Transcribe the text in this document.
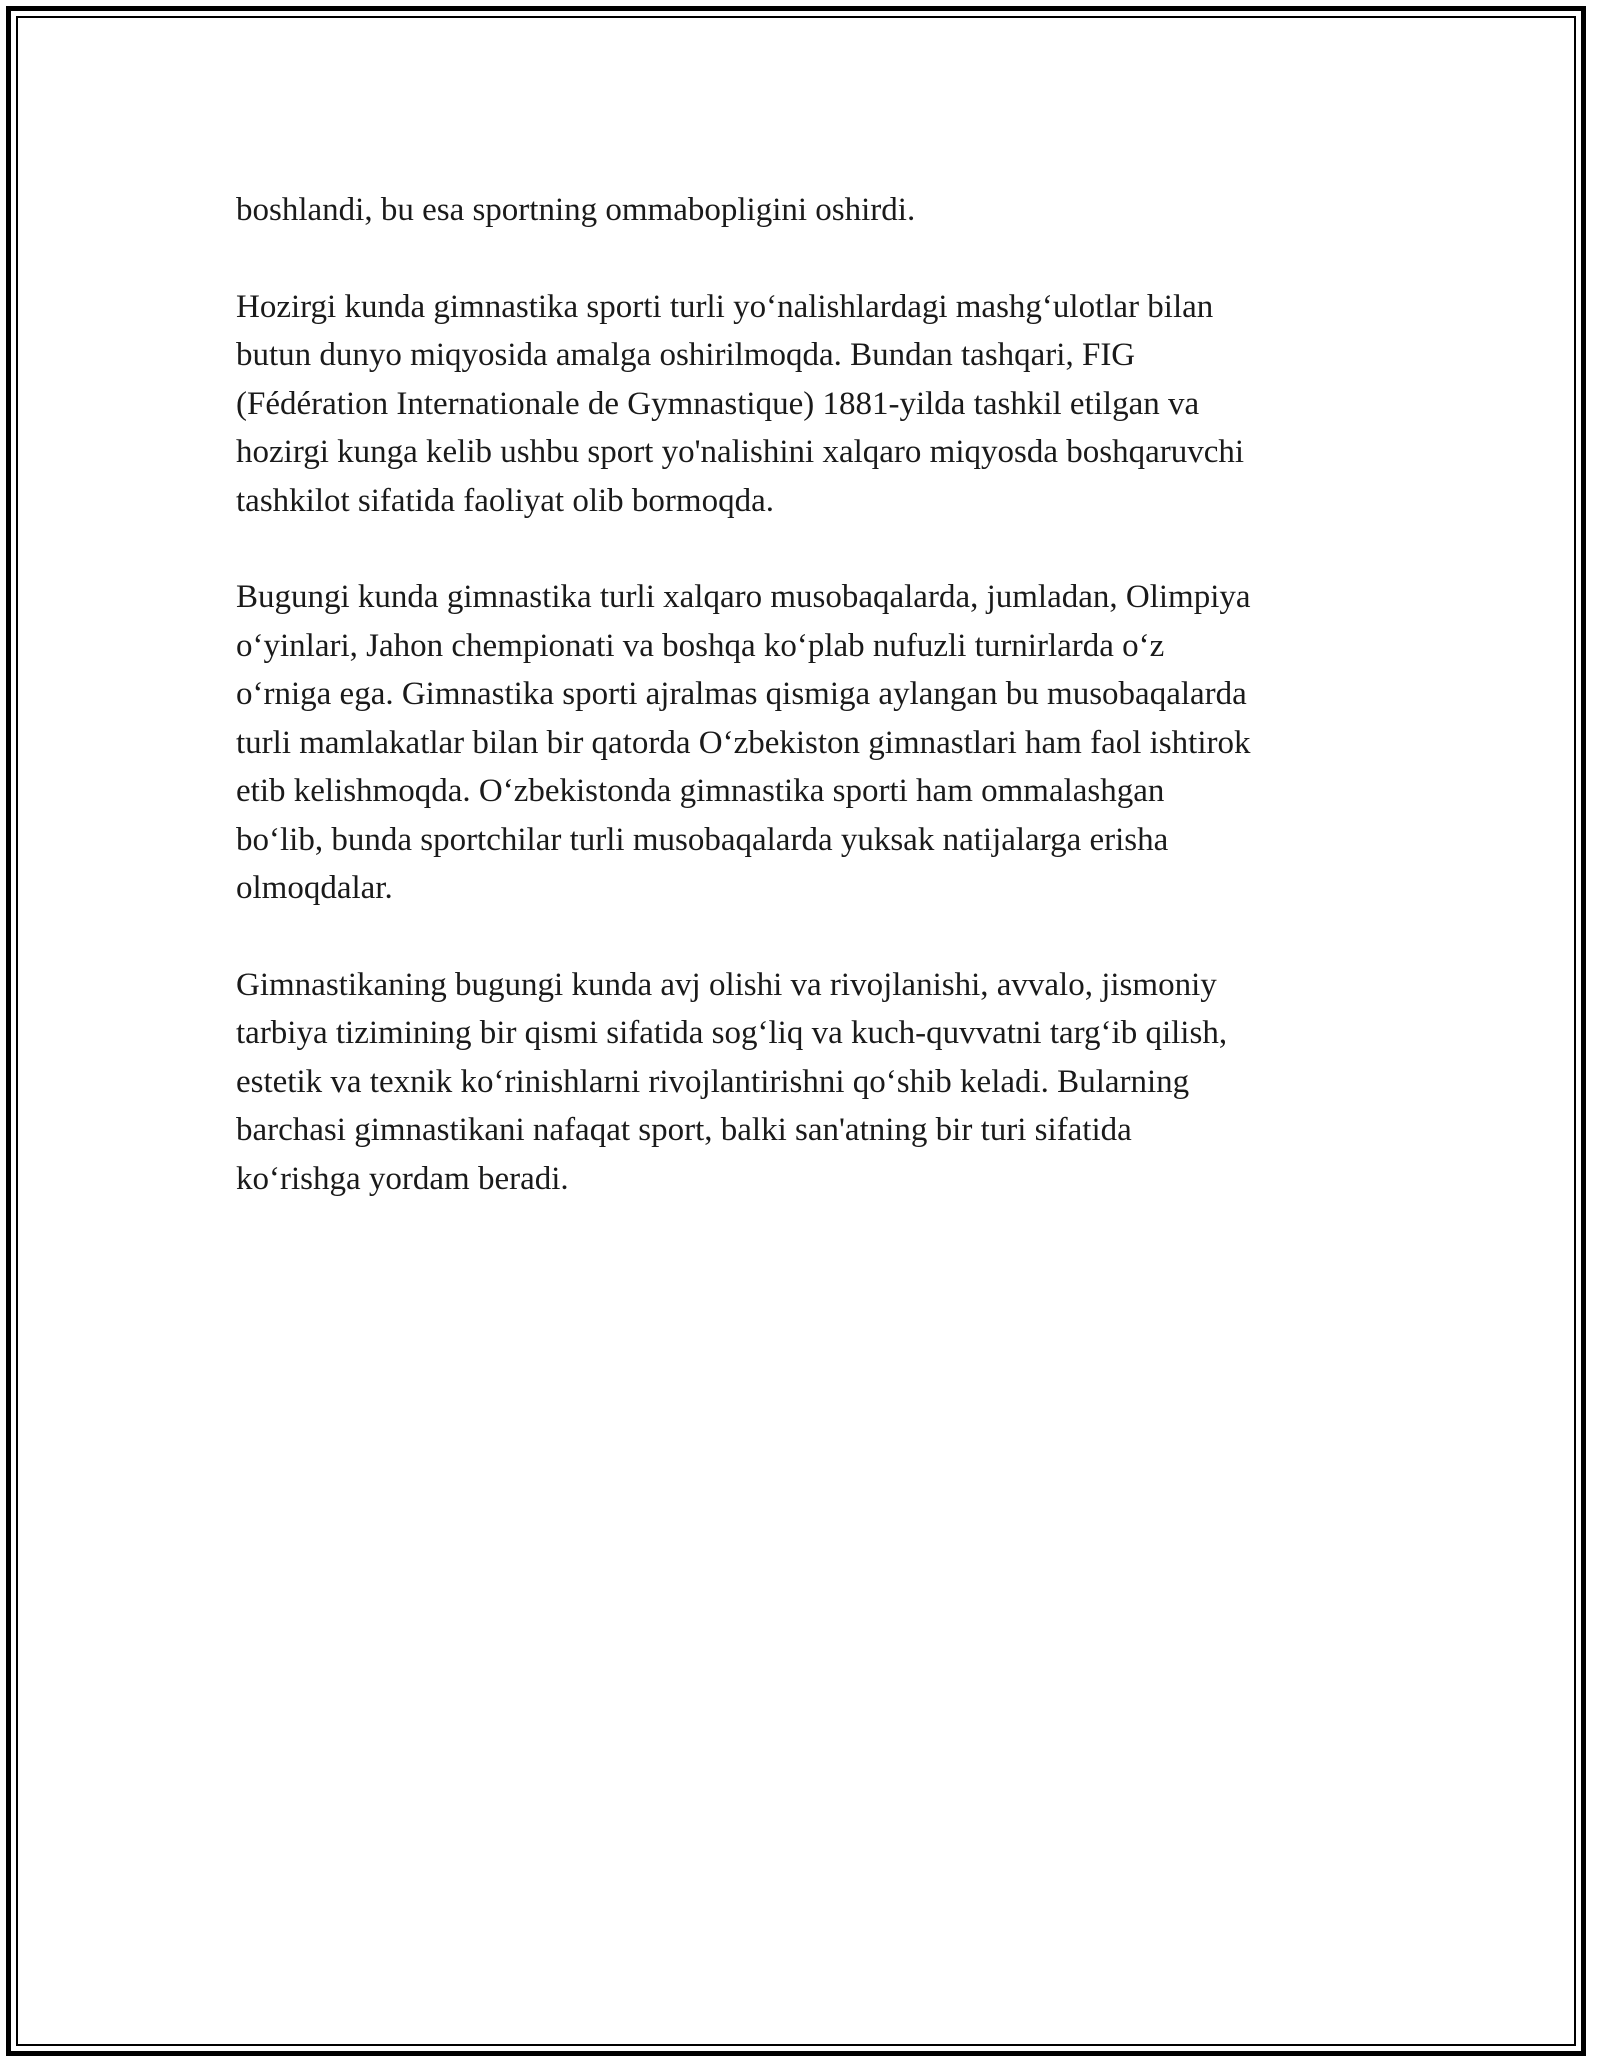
boshlandi, bu esa sportning ommabopligini oshirdi.

Hozirgi kunda gimnastika sporti turli yo‘nalishlardagi mashg‘ulotlar bilan
butun dunyo miqyosida amalga oshirilmoqda. Bundan tashqari, FIG
(Fédération Internationale de Gymnastique) 1881-yilda tashkil etilgan va
hozirgi kunga kelib ushbu sport yo'nalishini xalqaro miqyosda boshqaruvchi
tashkilot sifatida faoliyat olib bormoqda.

Bugungi kunda gimnastika turli xalqaro musobaqalarda, jumladan, Olimpiya
o‘yinlari, Jahon chempionati va boshqa ko‘plab nufuzli turnirlarda o‘z
o‘rniga ega. Gimnastika sporti ajralmas qismiga aylangan bu musobaqalarda
turli mamlakatlar bilan bir qatorda O‘zbekiston gimnastlari ham faol ishtirok
etib kelishmoqda. O‘zbekistonda gimnastika sporti ham ommalashgan
bo‘lib, bunda sportchilar turli musobaqalarda yuksak natijalarga erisha
olmoqdalar.

Gimnastikaning bugungi kunda avj olishi va rivojlanishi, avvalo, jismoniy
tarbiya tizimining bir qismi sifatida sog‘liq va kuch-quvvatni targ‘ib qilish,
estetik va texnik ko‘rinishlarni rivojlantirishni qo‘shib keladi. Bularning
barchasi gimnastikani nafaqat sport, balki san'atning bir turi sifatida
ko‘rishga yordam beradi.
